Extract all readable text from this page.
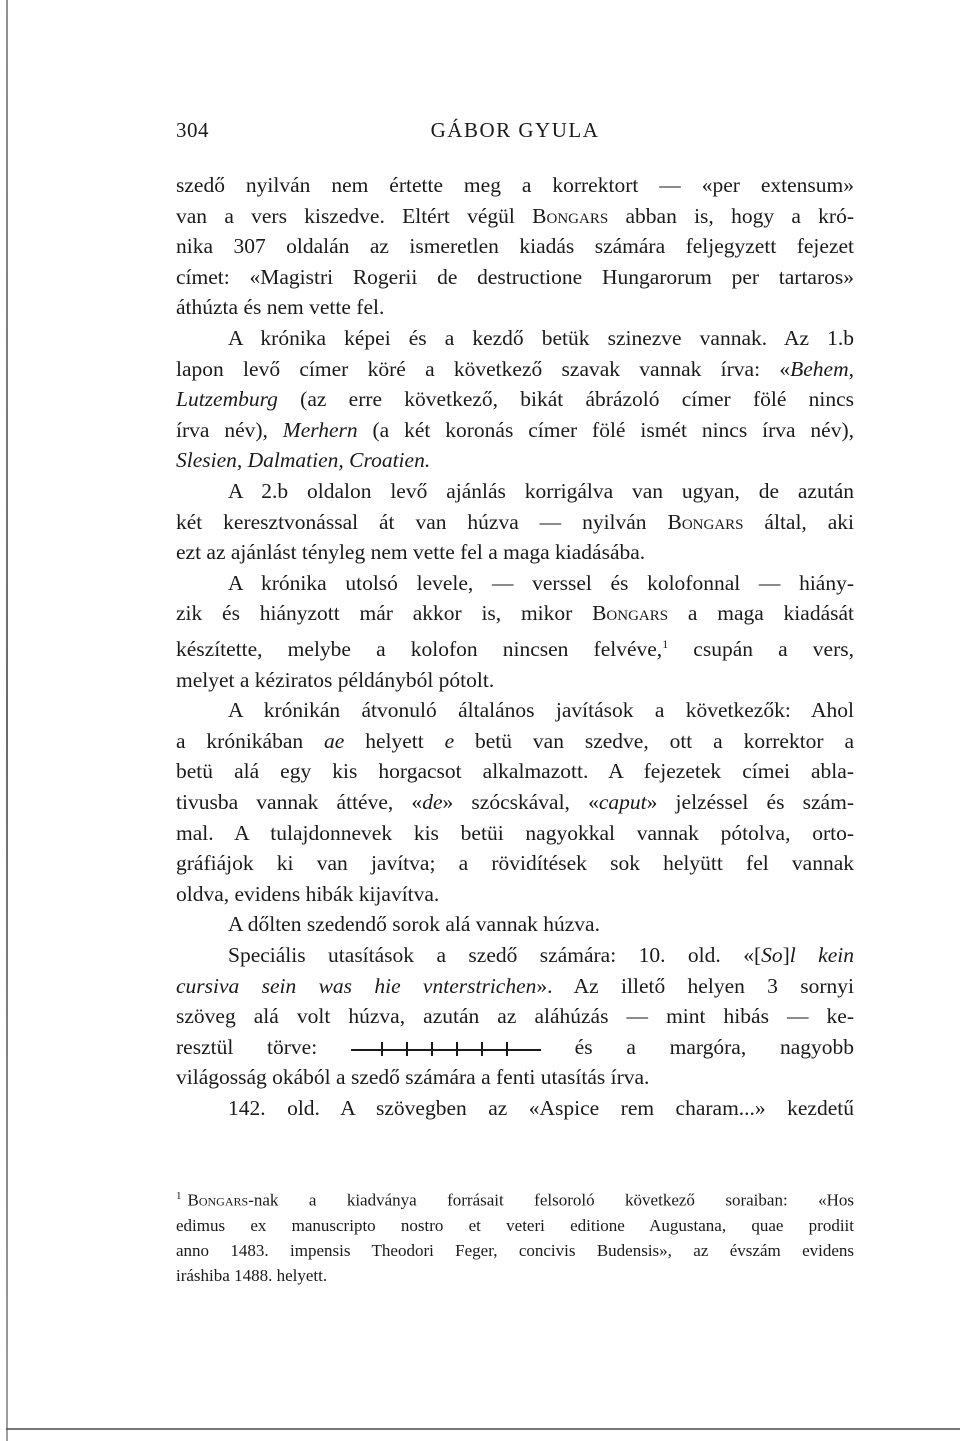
304	GÁBOR GYULA
szedő nyilván nem értette meg a korrektort — «per extensum»
van a vers kiszedve. Eltért végül Bongars abban is, hogy a kró-
nika 307 oldalán az ismeretlen kiadás számára feljegyzett fejezet
címet: «Magistri Rogerii de destructione Hungarorum per tartaros»
áthúzta és nem vette fel.
A krónika képei és a kezdő betük szinezve vannak. Az 1.b
lapon levő címer köré a következő szavak vannak írva: «Behem,
Lutzemburg (az erre következő, bikát ábrázoló címer fölé nincs
írva név), Merhern (a két koronás címer fölé ismét nincs írva név),
Slesien, Dalmatien, Croatien.
A 2.b oldalon levő ajánlás korrigálva van ugyan, de azután
két keresztvonással át van húzva — nyilván Bongars által, aki
ezt az ajánlást tényleg nem vette fel a maga kiadásába.
A krónika utolsó levele, — verssel és kolofonnal — hiány-
zik és hiányzott már akkor is, mikor Bongars a maga kiadását
készítette, melybe a kolofon nincsen felvéve,$^1$ csupán a vers,
melyet a kéziratos példányból pótolt.
A krónikán átvonuló általános javítások a következők: Ahol
a krónikában ae helyett e betü van szedve, ott a korrektor a
betü alá egy kis horgacsot alkalmazott. A fejezetek címei abla-
tivusba vannak áttéve, «de» szócskával, «caput» jelzéssel és szám-
mal. A tulajdonnevek kis betüi nagyokkal vannak pótolva, orto-
gráfiájok ki van javítva; a rövidítések sok helyütt fel vannak
oldva, evidens hibák kijavítva.
A dőlten szedendő sorok alá vannak húzva.
Speciális utasítások a szedő számára: 10. old. «[So]l kein
cursiva sein was hie vnterstrichen». Az illető helyen 3 sornyi
szöveg alá volt húzva, azután az aláhúzás — mint hibás — ke-
resztül törve:	és a margóra, nagyobb
világosság okából a szedő számára a fenti utasítás írva.
142. old. A szövegben az «Aspice rem charam...» kezdetű
$^1$ Bongars-nak a kiadványa forrásait felsoroló következő soraiban: «Hos
edimus ex manuscripto nostro et veteri editione Augustana, quae prodiit
anno 1483. impensis Theodori Feger, concivis Budensis», az évszám evidens
iráshiba 1488. helyett.
